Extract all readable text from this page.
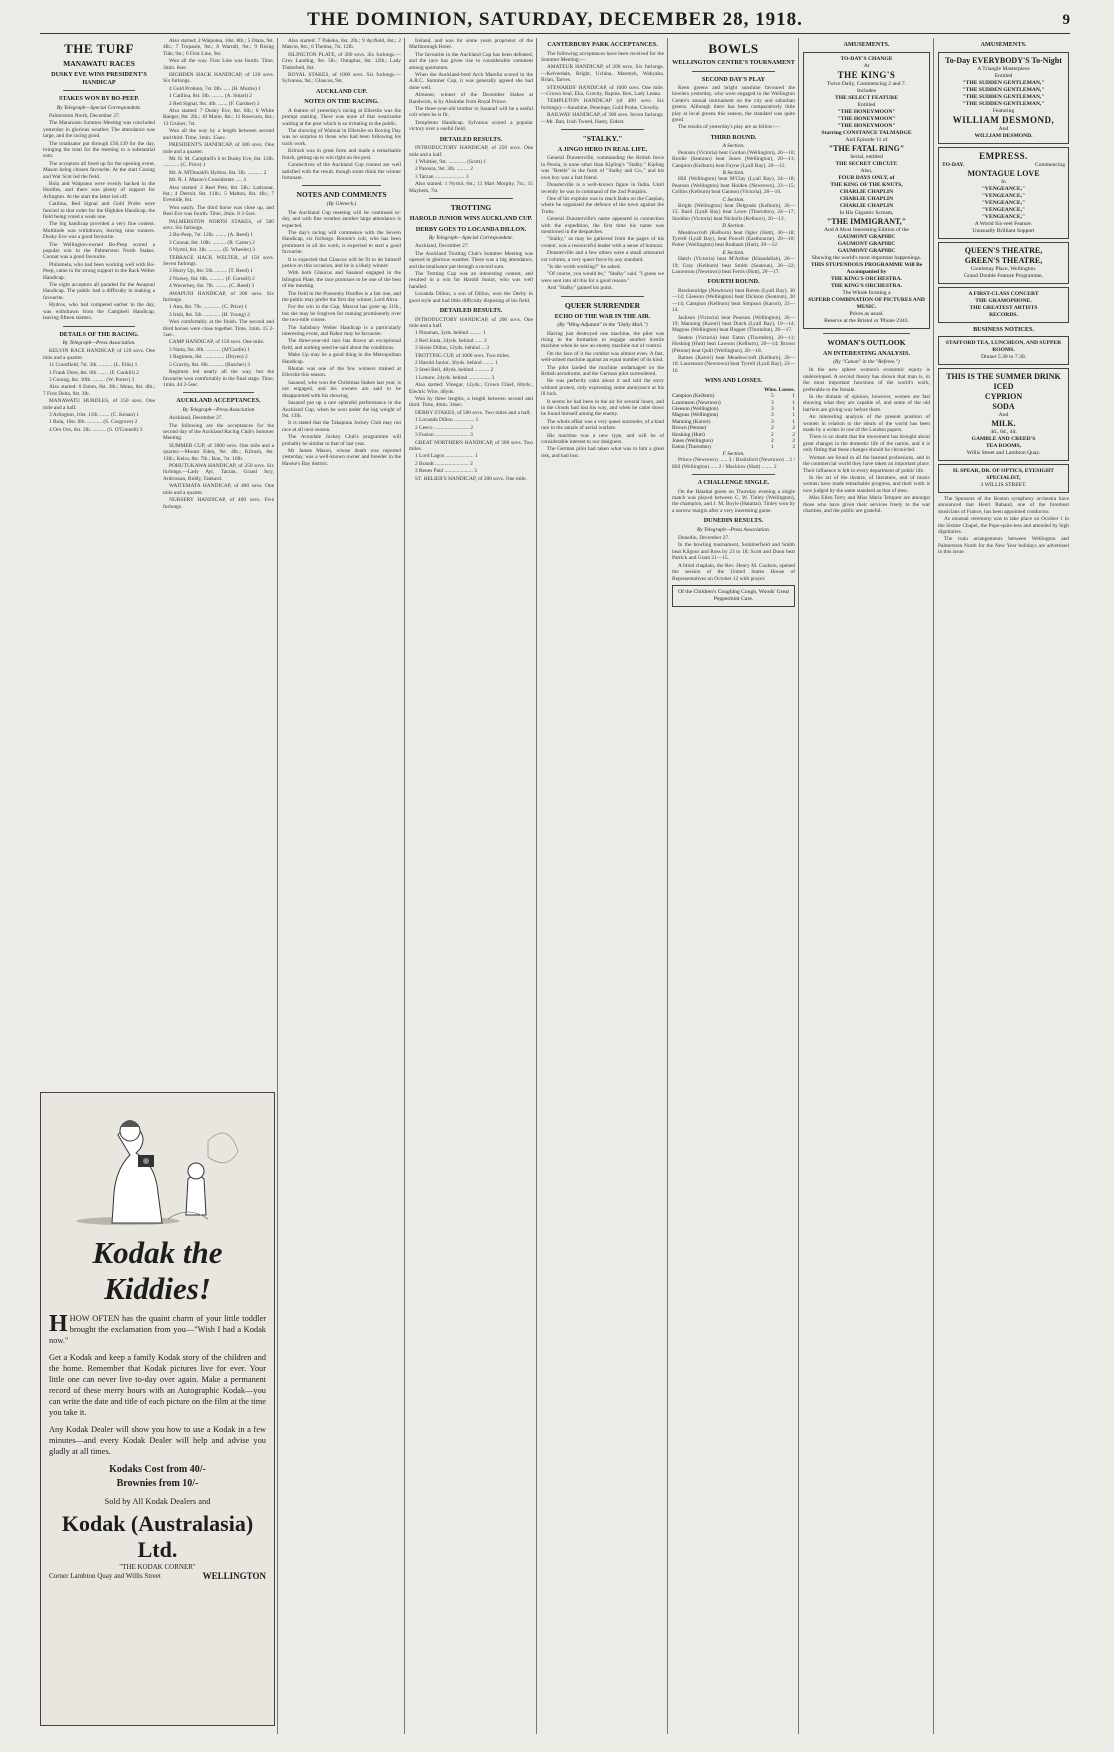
THE DOMINION, SATURDAY, DECEMBER 28, 1918.	9
THE TURF
MANAWATU RACES
DUSKY EVE WINS PRESIDENT'S HANDICAP
STAKES WON BY BO-PEEP.
By Telegraph—Special Correspondent.

Palmerston North, December 27.

The Manawatu Summer Meeting was concluded yesterday in glorious weather. The attendance was large, and the racing good.

The totalisator put through £56,139 for the day, bringing the total for the meeting to a substantial sum.

The acceptors all lined up for the opening event, Mason being chosen favourite. At the start Cooing and War Scot led the field.

Bola and Waiputea were evenly backed in the Hurdles, and there was plenty of support for Arlington. At the start the latter led off.

Catilina, Red Signal and Gold Probe were fancied in that order for the Highden Handicap, the field being voted a weak one.

The big handicap provided a very fine contest. Multitude was withdrawn, leaving nine runners. Dusky Eve was a good favourite.

The Wellington-owned Bo-Peep scored a popular win in the Palmerston North Stakes. Coonat was a good favourite.

Philomela, who had been working well with Bo-Peep, came in for strong support in the Rack Welter Handicap.

The eight acceptors all paraded for the Awapuni Handicap. The public had a difficulty in making a favourite.

Hydros, who had competed earlier in the day, was withdrawn from the Campbell Handicap, leaving fifteen starters.

DETAILS OF THE RACING.
By Telegraph—Press Association.

KELVIN RACE HANDICAP, of 120 sovs. One mile and a quarter.

11 Courtfield, 7st. 3lb. .......... (L. Ellis) 1

1 Frank Dore, 8st. 0lb. ....... (F. Conkill) 2

3 Cooing, 8st. 10lb. ......... (W. Potter) 3

Also started: 6 Enton, 8st. 3lb.; Mona, 8st. 4lb.; 7 First Delta, 9st. 3lb.

MANAWATU HURDLES, of 150 sovs. One mile and a half.

3 Arlington, 10st. 11lb. ....... (C. Kenan) 1

1 Bola, 10st. 0lb. ........... (S. Cosgrove) 2

4 Oro Oro, 8st. 2lb. .......... (S. O'Connell) 3

Also started: 2 Waiputea, 10st. 8lb.; 5 Otara, 9st. 4lb.; 7 Torpaule, 9st.; 8 Warraft, 9st.; 9 Rising Tide, 9st.; 6 First Line, 9st.

Won all the way. First Line was fourth. Time, 3min. 6sec.

HIGHDEN HACK HANDICAP, of 120 sovs. Six furlongs.

4 Gold Probion, 7st. 0lb. ..... (H. Morrie) 1

1 Catilina, 8st. 3lb. ......... (A. Smart) 2

2 Red Signal, 9st. 4lb. ....... (F. Gardner) 3

Also started: 7 Dusky Eve, 8st. 6lb.; 6 White Ranger, 8st. 2lb.; 10 Marie, 8st.; 11 Rosecarn, 8st.; 13 Cruiser, 7st.

Won all the way by a length between second and third. Time, 1min. 15sec.

PRESIDENT'S HANDICAP, of 300 sovs. One mile and a quarter.

Mr. H. M. Campbell's b m Dusky Eve, 8st. 13lb. ............ (C. Price) 1

Mr. A. M'Donald's Hydros, 8st. 3lb. ........... 2

Mr. R. J. Mason's Considerate ..... 3

Also started: 3 Reel Pete, 8st. 5lb.; Ladysear, 8st.; 4 Detroit, 8st. 11lb.; 5 Malton, 8st. 4lb.; 7 Eventide, 8st.

Won easily. The third horse was close up, and Reel Eve was fourth. Time, 2min. 8 3-5sec.

PALMERSTON NORTH STAKES, of 500 sovs. Six furlongs.

2 Bo-Peep, 7st. 12lb. ........ (A. Reed) 1

3 Coonat, 8st. 10lb. .......... (R. Carter) 2

6 Nyrtol, 8st. 3lb. .......... (E. Wheeler) 3

TERRACE HACK WELTER, of 150 sovs. Seven furlongs.

3 Hurry Up, 8st. 5lb. ......... (T. Reed) 1

2 Nursey, 8st. 6lb. ........... (F. Cornell) 2

4 Waverbey, 8st. 7lb. ......... (C. Reed) 3

AWAPUNI HANDICAP, of 200 sovs. Six furlongs.

1 Ann, 8st. 7lb. ............. (C. Price) 1

3 Irish, 8st. 5lb. ............ (H. Young) 2

Won comfortably at the finish. The second and third horses were close together. Time, 1min. 15 2-5sec.

CAMP HANDICAP, of 150 sovs. One mile.

3 Natta, 9st. 0lb. ........... (M'Cardle) 1

1 Regimen, 8st. ............... (Doyen) 2

5 Gravity, 8st. 0lb. .......... (Butcher) 3

Regimen led nearly all the way, but the favourite won comfortably in the final stage. Time, 1min. 44 2-5sec.

AUCKLAND ACCEPTANCES.
By Telegraph—Press Association

Auckland, December 27.

The following are the acceptances for the second day of the Auckland Racing Club's Summer Meeting.

SUMMER CUP, of 3000 sovs. One mile and a quarter.—Mount Eden, 9st. 4lb.; Kilrush, 8st. 13lb.; Kelra, 8st. 7lb.; Bon, 7st. 10lb.

POHUTUKAWA HANDICAP, of 250 sovs. Six furlongs.—Lady Ayr, Tarzan, Grand Jury, Ardrossan, Biddy, Tankard.

WAITEMATA HANDICAP, of 400 sovs. One mile and a quarter.

NURSERY HANDICAP, of 400 sovs. Five furlongs.

Kodak the Kiddies!

HHOW OFTEN has the quaint charm of your little toddler brought the exclamation from you—"Wish I had a Kodak now."

Get a Kodak and keep a family Kodak story of the children and the home. Remember that Kodak pictures live for ever. Your little one can never live to-day over again. Make a permanent record of these merry hours with an Autographic Kodak—you can write the date and title of each picture on the film at the time you take it.

Any Kodak Dealer will show you how to use a Kodak in a few minutes—and every Kodak Dealer will help and advise you gladly at all times.

Kodaks Cost from 40/-
Brownies from 10/-
Sold by All Kodak Dealers and
Kodak (Australasia) Ltd.
"THE KODAK CORNER"
Corner Lambton Quay and Willis Street	WELLINGTON

Also started: 7 Pakeha, 8st. 2lb.; 9 Ayrfield, 8st.; 2 Mascot, 8st.; 6 Thelma, 7st. 12lb.

ISLINGTON PLATE, of 300 sovs. Six furlongs.—Grey Landing, 9st. 5lb.; Ouraplus, 8st. 12lb.; Lady Tinkerbell, 8st.

ROYAL STAKES, of 1000 sovs. Six furlongs.—Sylvanus, 9st.; Glaucus, 9st.

AUCKLAND CUP.
NOTES ON THE RACING.

A feature of yesterday's racing at Ellerslie was the prompt starting. There was none of that wearisome waiting at the post which is so irritating to the public.

The showing of Waimai in Ellerslie on Boxing Day was no surprise to those who had been following his track work.

Kilrush was in great form and made a remarkable finish, getting up to win right on the post.

Connectives of the Auckland Cup contest are well satisfied with the result, though some think the winner fortunate.

NOTES AND COMMENTS
(By Gleneck.)

The Auckland Cup meeting will be continued to-day, and with fine weather another large attendance is expected.

The day's racing will commence with the Severn Handicap, six furlongs. Ronnie's colt, who has been prominent in all his work, is expected to start a good favourite.

It is expected that Glaucus will be fit to do himself justice on this occasion, and he is a likely winner.

With both Glaucus and Sasanof engaged in the Islington Plate, the race promises to be one of the best of the meeting.

The field in the Ponsonby Hurdles is a fair one, and the public may prefer the first day winner, Lord Ahva.

For the win in the Cup, Mascot has gone up 21lb., but she may be forgiven for running prominently over the two-mile course.

The Salisbury Welter Handicap is a particularly interesting event, and Rahor may be favourite.

The three-year-old race has drawn an exceptional field, and nothing need be said about the conditions.

Make Up may be a good thing in the Metropolitan Handicap.

Bhutan was one of the few winners trained at Ellerslie this season.

Sasanof, who won the Christmas Stakes last year, is not engaged, and his owners are said to be disappointed with his showing.

Sasanof put up a rare splendid performance in the Auckland Cup, when he won under the big weight of 9st. 13lb.

It is stated that the Takapuna Jockey Club may not race at all next season.

The Avondale Jockey Club's programme will probably be similar to that of last year.

Mr James Mason, whose death was reported yesterday, was a well-known owner and breeder in the Hawke's Bay district.

Ireland, and was for some years proprietor of the Marlborough Hotel.

The favourite in the Auckland Cup has been defeated, and the race has given rise to considerable comment among sportsmen.

When the Auckland-bred Arch Marella scored in the A.R.C. Summer Cup, it was generally agreed she had done well.

Almoner, winner of the December Stakes at Randwick, is by Absinthe from Royal Prince.

The three-year-old brother to Sasanof will be a useful colt when he is fit.

Templeton Handicap. Sylvanus scored a popular victory over a useful field.

DETAILED RESULTS.

INTRODUCTORY HANDICAP, of 250 sovs. One mile and a half.

1 Whittier, 9st. ............. (Scott) 1

2 Pareora, 9st. 3lb. ......... 2

3 Tarzan ...................... 3

Also started: 1 Nyrtol, 6st.; 11 Mart Morphy, 7st.; 15 Mayhem, 7st.

TROTTING
HAROLD JUNIOR WINS AUCKLAND CUP.
DERBY GOES TO LOCANDA DILLON.
By Telegraph—Special Correspondent.

Auckland, December 27.

The Auckland Trotting Club's Summer Meeting was opened in glorious weather. There was a big attendance, and the totalisator put through a record sum.

The Trotting Cup was an interesting contest, and resulted in a win for Harold Junior, who was well handled.

Locanda Dillon, a son of Dillon, won the Derby in good style and had little difficulty disposing of his field.

DETAILED RESULTS.

INTRODUCTORY HANDICAP, of 200 sovs. One mile and a half.

1 Pinaman, 3yds. behind ......... 1

2 Red Jonia, 24yds. behind ...... 2

3 Sissie Dillon, 12yds. behind ... 3

TROTTING CUP, of 1000 sovs. Two miles.

2 Harold Junior, 36yds. behind ........ 1

3 Steel Bell, 48yds. behind ........... 2

1 Lenore, 24yds. behind ................ 3

Also started: Vinegar, 12yds.; Crown Chief, 60yds.; Electric Wire, 48yds.

Won by three lengths, a length between second and third. Time, 4min. 34sec.

DERBY STAKES, of 500 sovs. Two miles and a half.

1 Locanda Dillon ............... 1

2 Ceeco .......................... 2

3 Fusion ......................... 3

GREAT NORTHERN HANDICAP, of 300 sovs. Two miles.

1 Lord Lagos ..................... 1

2 Brandt ......................... 2

3 Renes Paul ..................... 3

ST. HELIER'S HANDICAP, of 200 sovs. One mile.

CANTERBURY PARK ACCEPTANCES.

The following acceptances have been received for the Summer Meeting:—

AMATEUR HANDICAP, of 200 sovs. Six furlongs.—Kelverdale, Bright, Uchina, Marenyk, Wahyaba, Brian, Tarves.

STEWARDS' HANDICAP, of 1000 sovs. One mile.—Crown Seal, Elia, Gravity, Rapine, Bon, Lady Leana.

TEMPLETON HANDICAP (of 400 sovs. Six furlongs).—Sunshine, Penelope, Gold Probe, Clovelly.

RAILWAY HANDICAP, of 300 sovs. Seven furlongs.—Mr. Ban, Irish Tweed, Hasty, Eldest.

"STALKY."
A JINGO HERO IN REAL LIFE.

General Dunsterville, commanding the British force in Persia, is none other than Kipling's "Stalky." Kipling was "Beetle" in the form of "Stalky and Co.," and his own boy was a fast friend.

Dunsterville is a well-known figure in India. Until recently he was in command of the 2nd Punjabis.

One of his exploits was to reach Baku on the Caspian, where he organised the defence of the town against the Turks.

General Dunsterville's name appeared in connection with the expedition, the first time his name was mentioned in the despatches.

"Stalky," as may be gathered from the pages of his creator, was a resourceful leader with a sense of humour.

Dunsterville and a few others were a small armoured car column, a very queer force by any standard.

"Is she worth working?" he asked.

"Of course, you would be," "Stalky" said. "I guess we were sent into all this for a good reason."

And "Stalky" gained his point.

QUEER SURRENDER
ECHO OF THE WAR IN THE AIR.
(By "Wing Adjutant" in the "Daily Mail.")

Having just destroyed one machine, the pilot was rising in the formation to engage another hostile machine when he saw an enemy machine out of control.

On the face of it the combat was almost even. A fast, well-armed machine against an equal number of its kind.

The pilot landed the machine undamaged on the British aerodrome, and the German pilot surrendered.

He was perfectly calm about it and told the story without protest, only expressing some annoyance at his ill luck.

It seems he had been in the air for several hours, and in the clouds had lost his way, and when he came down he found himself among the enemy.

The whole affair was a very queer surrender, of a kind rare in the annals of aerial warfare.

His machine was a new type, and will be of considerable interest to our designers.

The German pilot had taken what was to him a great risk, and had lost.

BOWLS
WELLINGTON CENTRE'S TOURNAMENT
SECOND DAY'S PLAY

Keen greens and bright sunshine favoured the bowlers yesterday, who were engaged in the Wellington Centre's annual tournament on the city and suburban greens. Although there has been comparatively little play at local greens this season, the standard was quite good.

The results of yesterday's play are as follow:—

THIRD ROUND.
A Section.

Pearson (Victoria) beat Gordon (Wellington), 20—10; Brodie (Seatoun) beat Jones (Wellington), 20—11; Campion (Kelburn) beat Fayne (Lyall Bay), 20—12.

B Section.

Hill (Wellington) beat M'Clay (Lyall Bay), 24—18; Pearson (Wellington) beat Holden (Newtown), 23—15; Collins (Kelburn) beat Gannon (Victoria), 20—10.

C Section.

Bright (Wellington) beat Delgrado (Kelburn), 26—15; Basil (Lyall Bay) beat Lowe (Thorndon), 24—17; Stoddon (Victoria) beat Nicholls (Kelburn), 20—12.

D Section.

Meadowcroft (Kelburn) beat Ogier (Hutt), 30—18; Tyrrell (Lyall Bay), beat Powell (Eastbourne), 20—10; Potter (Wellington) beat Rodnam (Hutt), 20—12.

E Section.

Hatch (Victoria) beat M'Arthur (Khandallah), 26—19; Gray (Kelburn) beat Smith (Seatoun), 26—22; Laurenson (Newtown) beat Ferris (Hutt), 20—17.

FOURTH ROUND.

Breckenridge (Newtown) beat Raven (Lyall Bay), 30—14; Gleeson (Wellington) beat Dickson (Seatoun), 20—14; Campion (Kelburn) beat Simpson (Karori), 23—14.

Jackson (Victoria) beat Pearson (Wellington), 26—19; Manning (Karori) beat Dutch (Lyall Bay), 19—14; Magnus (Wellington) beat Hopper (Thorndon), 20—17.

Seaton (Victoria) beat Eaton (Thorndon), 20—11; Hosking (Hutt) beat Lawson (Kelburn), 20—14; Brown (Petone) beat Quill (Wellington), 20—18.

Barnes (Karori) beat Meadowcroft (Kelburn), 20—10; Laurenson (Newtown) beat Tyrrell (Lyall Bay), 23—16.

WINS AND LOSSES.
Wins. Losses.
Campion (Kelburn)	5	1
Laurenson (Newtown)	3	1
Gleeson (Wellington)	3	1
Magnus (Wellington)	3	1
Manning (Karori)	3	1
Brown (Petone)	2	2
Hosking (Hutt)	2	2
Jones (Wellington)	2	2
Eaton (Thorndon)	1	3
F Section.

Prince (Newtown) ...... 3 / Brailsford (Newtown) .. 2 / Hill (Wellington) ..... 2 / Macklow (Hutt) ........ 2

A CHALLENGE SINGLE.

On the Hataitai green on Thursday evening a single match was played between C. W. Tinley (Wellington), the champion, and J. M. Boyle (Hataitai). Tinley won by a narrow margin after a very interesting game.

DUNEDIN RESULTS.
By Telegraph—Press Association.

Dunedin, December 27.

In the bowling tournament, Sommerfield and Smith beat Kilgour and Ross by 23 to 18; Scott and Dunn beat Patrick and Grant 21—15.

A blind chaplain, the Rev. Henry M. Coalson, opened the session of the United States House of Representatives on October 12 with prayer.

Of the Children's Coughing Cough, Woods' Great Peppermint Cure.
AMUSEMENTS.
TO-DAY'S CHANGE
At
THE KING'S
Twice Daily, Commencing 2 and 7.
Includes
THE SELECT FEATURE
Entitled
"THE HONEYMOON"
"THE HONEYMOON"
"THE HONEYMOON"
Starring CONSTANCE TALMADGE
And Episode 11 of
"THE FATAL RING"
Serial, entitled
THE SECRET CIRCUIT.
Also,
FOUR DAYS ONLY, of
THE KING OF THE KNUTS,
CHARLIE CHAPLIN
CHARLIE CHAPLIN
CHARLIE CHAPLIN
In His Gigantic Scream,
"THE IMMIGRANT,"
And A Most Interesting Edition of the
GAUMONT GRAPHIC
GAUMONT GRAPHIC
GAUMONT GRAPHIC
Showing the world's most important happenings.
THIS STUPENDOUS PROGRAMME Will Be Accompanied by
THE KING'S ORCHESTRA.
THE KING'S ORCHESTRA.
The Whole forming a
SUPERB COMBINATION OF PICTURES AND MUSIC.
Prices as usual.
Reserve at the Bristol or 'Phone 2343.
WOMAN'S OUTLOOK
AN INTERESTING ANALYSIS.
(By "Canon" in the "Referee.")

In the new sphere women's economic equity is undeveloped. A second theory has shown that man is, in the most important functions of the world's work, preferable to the female.

In the domain of opinion, however, women are fast showing what they are capable of, and some of the old barriers are giving way before them.

An interesting analysis of the present position of women in relation to the ideals of the world has been made by a writer in one of the London papers.

There is no doubt that the movement has brought about great changes in the domestic life of the nation, and it is only fitting that these changes should be chronicled.

Women are found in all the learned professions, and in the commercial world they have taken an important place. Their influence is felt in every department of public life.

In the art of the theatre, of literature, and of music women have made remarkable progress, and their work is now judged by the same standard as that of men.

Miss Ellen Terry and Miss Marie Tempest are amongst those who have given their services freely to the war charities, and the public are grateful.

AMUSEMENTS.
To-Day EVERYBODY'S To-Night
A Triangle Masterpiece
Entitled
"THE SUDDEN GENTLEMAN,"
"THE SUDDEN GENTLEMAN,"
"THE SUDDEN GENTLEMAN,"
"THE SUDDEN GENTLEMAN,"
Featuring
WILLIAM DESMOND,
And
WILLIAM DESMOND.
EMPRESS.
TO-DAY.	Commencing
MONTAGUE LOVE
In
"VENGEANCE,"
"VENGEANCE,"
"VENGEANCE,"
"VENGEANCE,"
"VENGEANCE,"
A World Six-reel Feature.
Unusually Brilliant Support
QUEEN'S THEATRE,
GREEN'S THEATRE,
Courtenay Place, Wellington.
Grand Double Feature Programme,
A FIRST-CLASS CONCERT
THE GRAMOPHONE.
THE GREATEST ARTISTS
RECORDS.
BUSINESS NOTICES.
STAFFORD TEA, LUNCHEON, AND SUPPER ROOMS.
Dinner 5.30 to 7.30.
THIS IS THE SUMMER DRINK
ICED
CYPRION
SODA
And
MILK.
4d., 6d., 4d.
GAMBLE AND CREED'S
TEA ROOMS,
Willis Street and Lambton Quay.
H. SPEAR, DR. OF OPTICS, EYESIGHT SPECIALIST,
3 WILLIS STREET.

The Sponsors of the Boston symphony orchestra have announced that Henri Rabaud, one of the foremost musicians of France, has been appointed conductor.

As unusual ceremony was to take place on October 1 in the Sistine Chapel, the Pope-quite-less and attended by high dignitaries.

The train arrangements between Wellington and Palmerston North for the New Year holidays are advertised in this issue.
